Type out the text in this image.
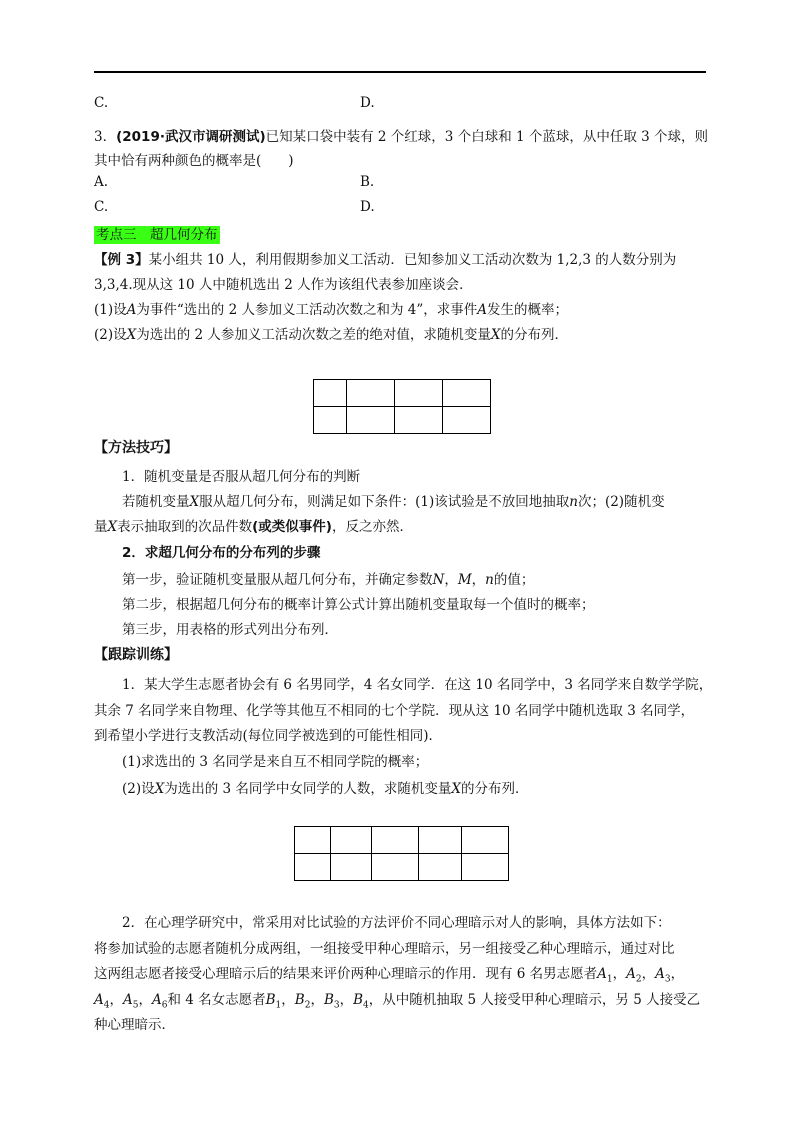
C.	D.
3．(2019·武汉市调研测试)已知某口袋中装有 2 个红球，3 个白球和 1 个蓝球，从中任取 3 个球，则
其中恰有两种颜色的概率是(　　)
A.	B.
C.	D.
考点三　超几何分布
【例 3】某小组共 10 人，利用假期参加义工活动．已知参加义工活动次数为 1,2,3 的人数分别为
3,3,4.现从这 10 人中随机选出 2 人作为该组代表参加座谈会．
(1)设A为事件“选出的 2 人参加义工活动次数之和为 4”，求事件A发生的概率；
(2)设X为选出的 2 人参加义工活动次数之差的绝对值，求随机变量X的分布列．

【方法技巧】
1．随机变量是否服从超几何分布的判断
若随机变量X服从超几何分布，则满足如下条件：(1)该试验是不放回地抽取n次；(2)随机变
量X表示抽取到的次品件数(或类似事件)，反之亦然．
2．求超几何分布的分布列的步骤
第一步，验证随机变量服从超几何分布，并确定参数N，M，n的值；
第二步，根据超几何分布的概率计算公式计算出随机变量取每一个值时的概率；
第三步，用表格的形式列出分布列．
【跟踪训练】
1．某大学生志愿者协会有 6 名男同学，4 名女同学．在这 10 名同学中，3 名同学来自数学学院，
其余 7 名同学来自物理、化学等其他互不相同的七个学院．现从这 10 名同学中随机选取 3 名同学，
到希望小学进行支教活动(每位同学被选到的可能性相同)．
(1)求选出的 3 名同学是来自互不相同学院的概率；
(2)设X为选出的 3 名同学中女同学的人数，求随机变量X的分布列．

2．在心理学研究中，常采用对比试验的方法评价不同心理暗示对人的影响，具体方法如下：
将参加试验的志愿者随机分成两组，一组接受甲种心理暗示，另一组接受乙种心理暗示，通过对比
这两组志愿者接受心理暗示后的结果来评价两种心理暗示的作用．现有 6 名男志愿者$A_1$，$A_2$，$A_3$，
$A_4$，$A_5$，$A_6$和 4 名女志愿者$B_1$，$B_2$，$B_3$，$B_4$，从中随机抽取 5 人接受甲种心理暗示，另 5 人接受乙
种心理暗示．
